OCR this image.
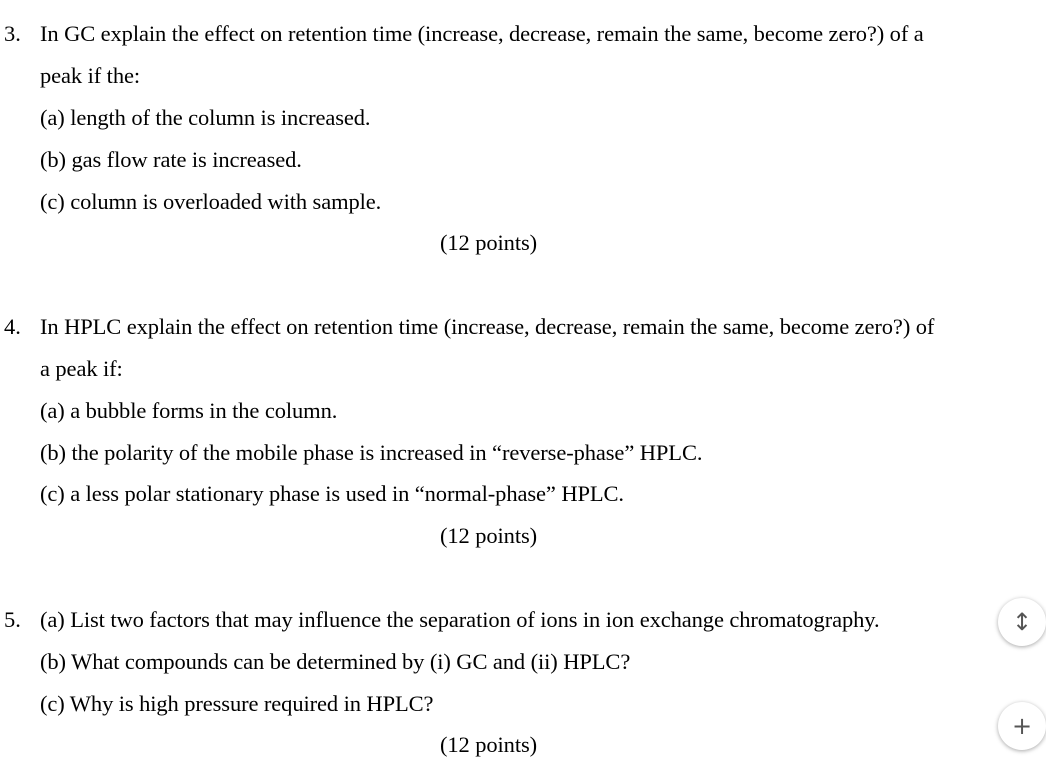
3. In GC explain the effect on retention time (increase, decrease, remain the same, become zero?) of a
peak if the:
(a) length of the column is increased.
(b) gas flow rate is increased.
(c) column is overloaded with sample.
(12 points)
4. In HPLC explain the effect on retention time (increase, decrease, remain the same, become zero?) of
a peak if:
(a) a bubble forms in the column.
(b) the polarity of the mobile phase is increased in “reverse-phase” HPLC.
(c) a less polar stationary phase is used in “normal-phase” HPLC.
(12 points)
5. (a) List two factors that may influence the separation of ions in ion exchange chromatography.
(b) What compounds can be determined by (i) GC and (ii) HPLC?
(c) Why is high pressure required in HPLC?
(12 points)
↕
+
